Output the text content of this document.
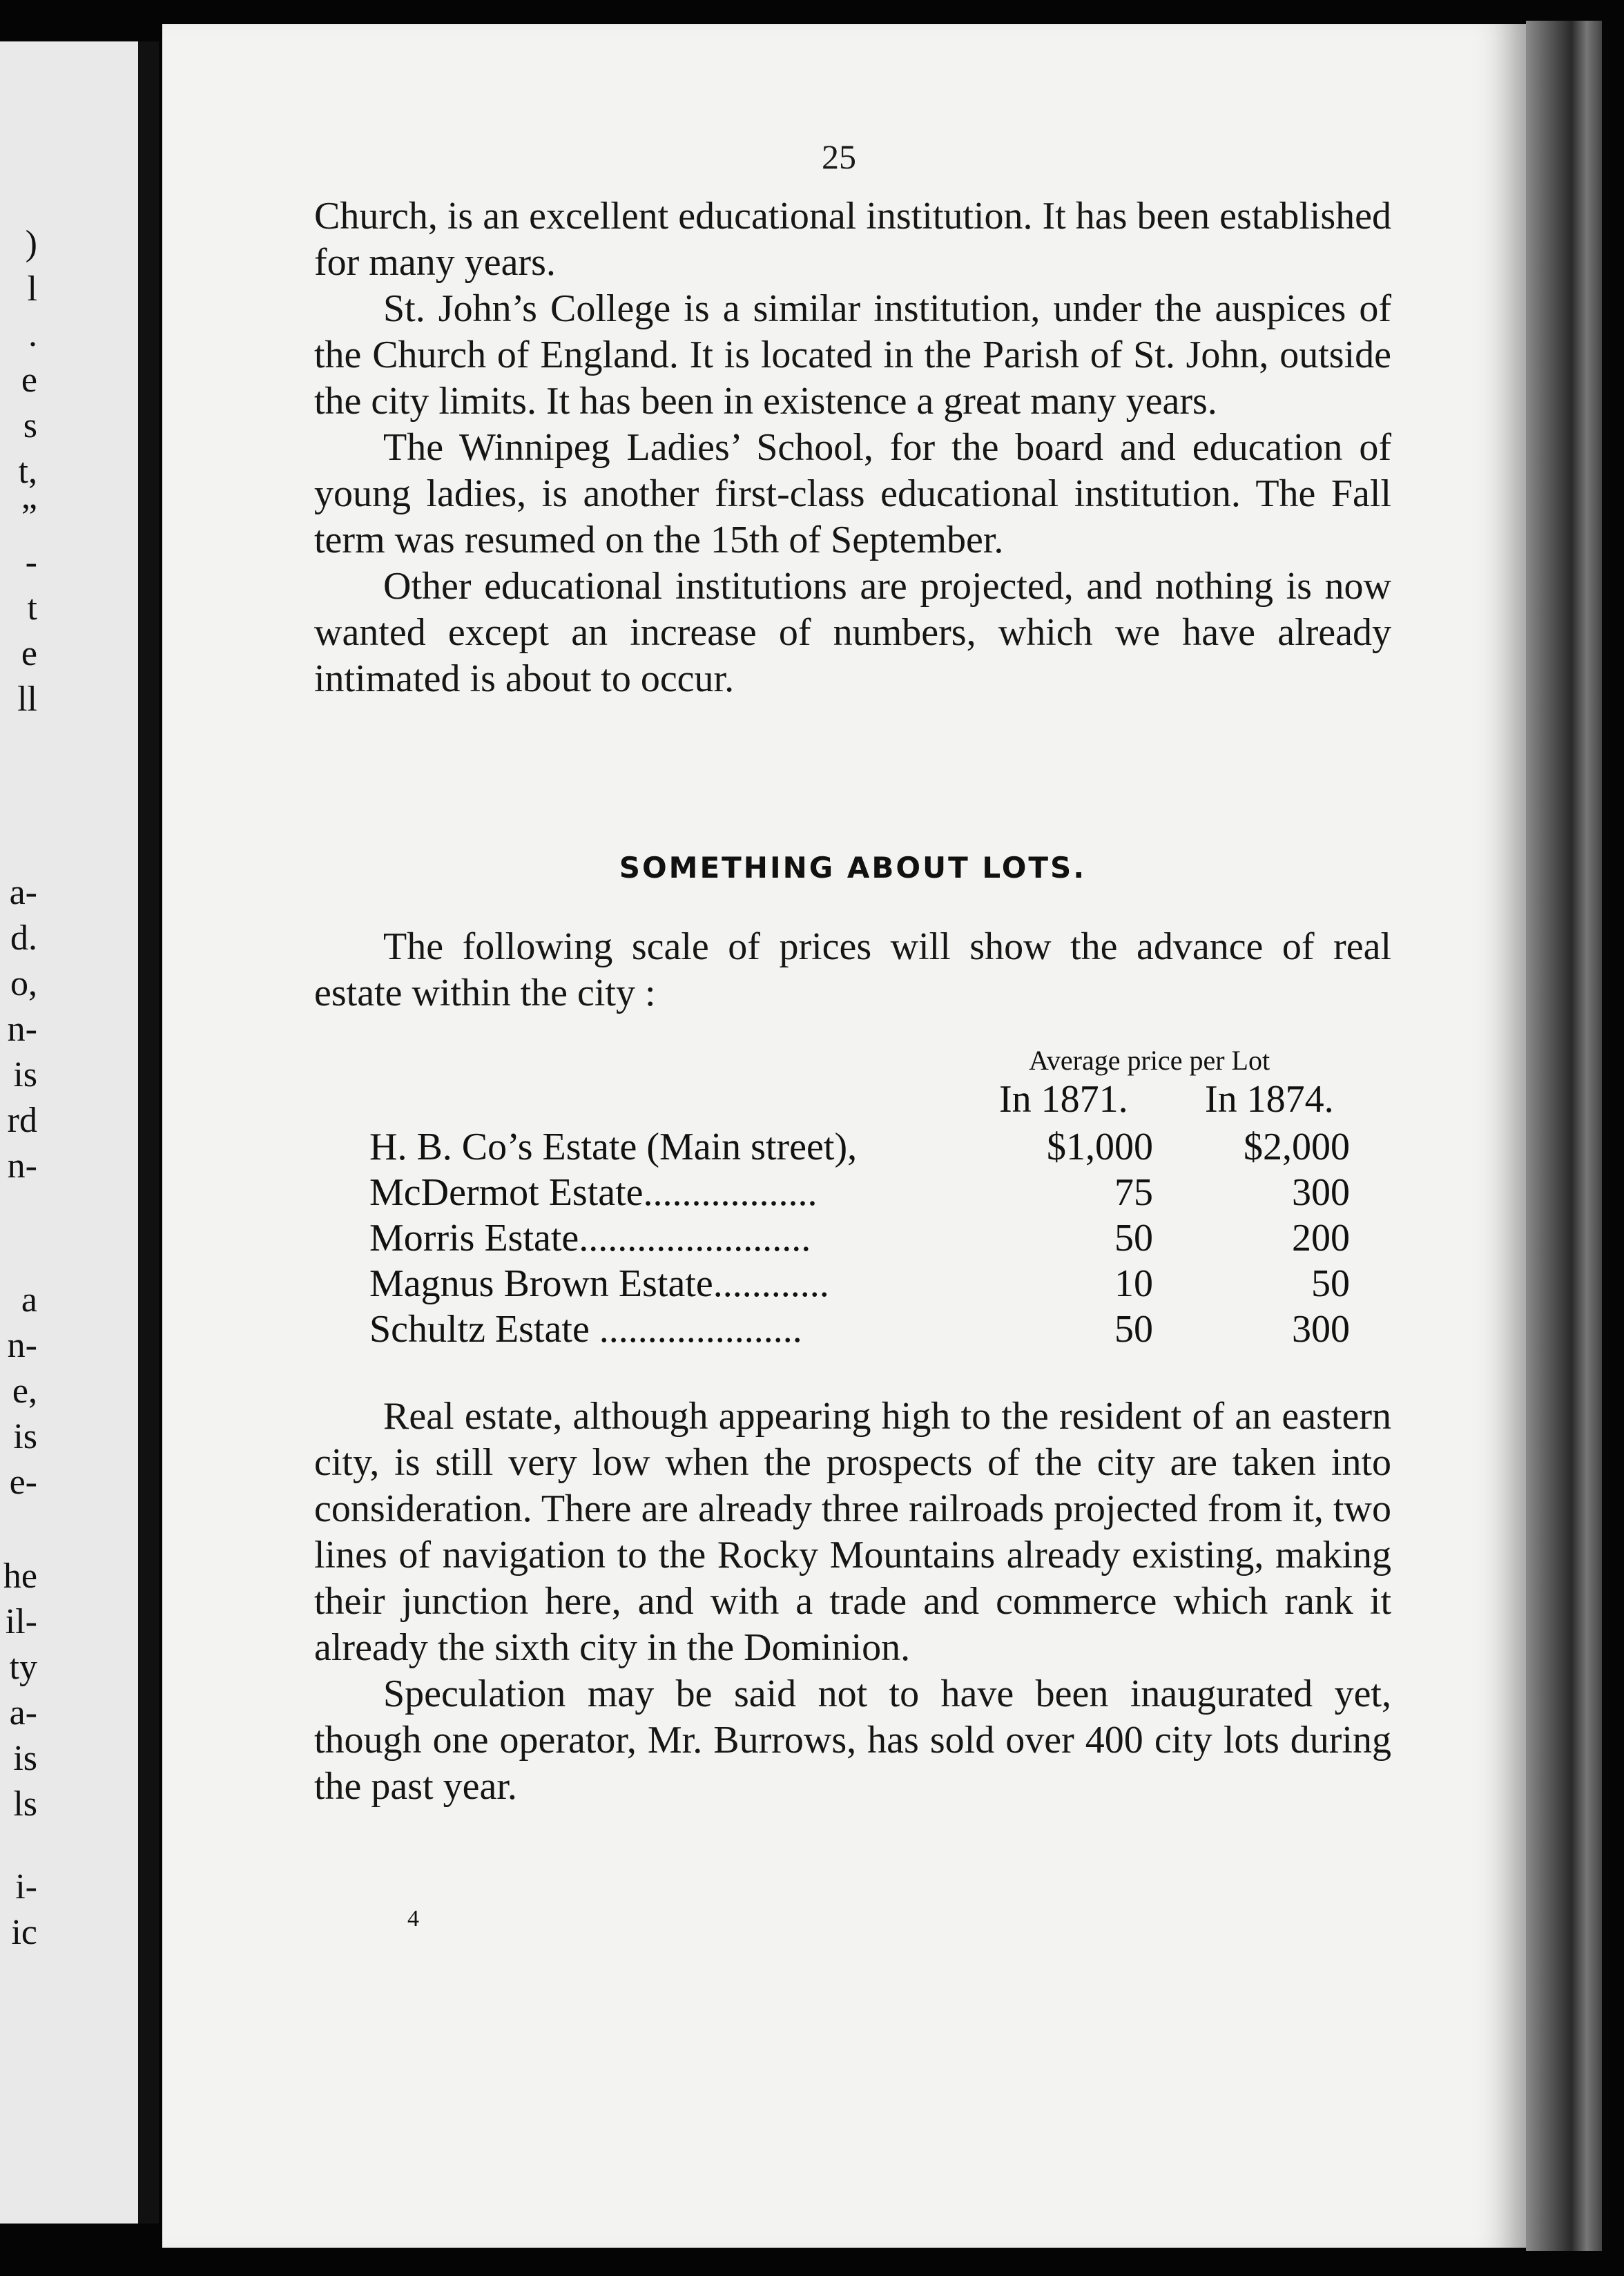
)
l
.
e
s
t,
”
-
t
e
ll
a-
d.
o,
n-
is
rd
n-
a
n-
e,
is
e-
he
il-
ty
a-
is
ls
i-
ic
25

Church, is an excellent educational institution. It has been established for many years.

St. John’s College is a similar institution, under the auspices of the Church of England. It is located in the Parish of St. John, outside the city limits. It has been in existence a great many years.

The Winnipeg Ladies’ School, for the board and education of young ladies, is another first-class educational institution. The Fall term was resumed on the 15th of September.

Other educational institutions are projected, and nothing is now wanted except an increase of numbers, which we have already intimated is about to occur.

SOMETHING ABOUT LOTS.

The following scale of prices will show the advance of real estate within the city :

Average price per Lot
In 1871. In 1874.
H. B. Co’s Estate (Main street),	$1,000 $2,000
McDermot Estate..................	75	300
Morris Estate........................	50	200
Magnus Brown Estate............	10	50
Schultz Estate .....................	50	300

Real estate, although appearing high to the resident of an eastern city, is still very low when the prospects of the city are taken into consideration. There are already three railroads projected from it, two lines of navigation to the Rocky Mountains already existing, making their junction here, and with a trade and commerce which rank it already the sixth city in the Dominion.

Speculation may be said not to have been inaugurated yet, though one operator, Mr. Burrows, has sold over 400 city lots during the past year.

4
